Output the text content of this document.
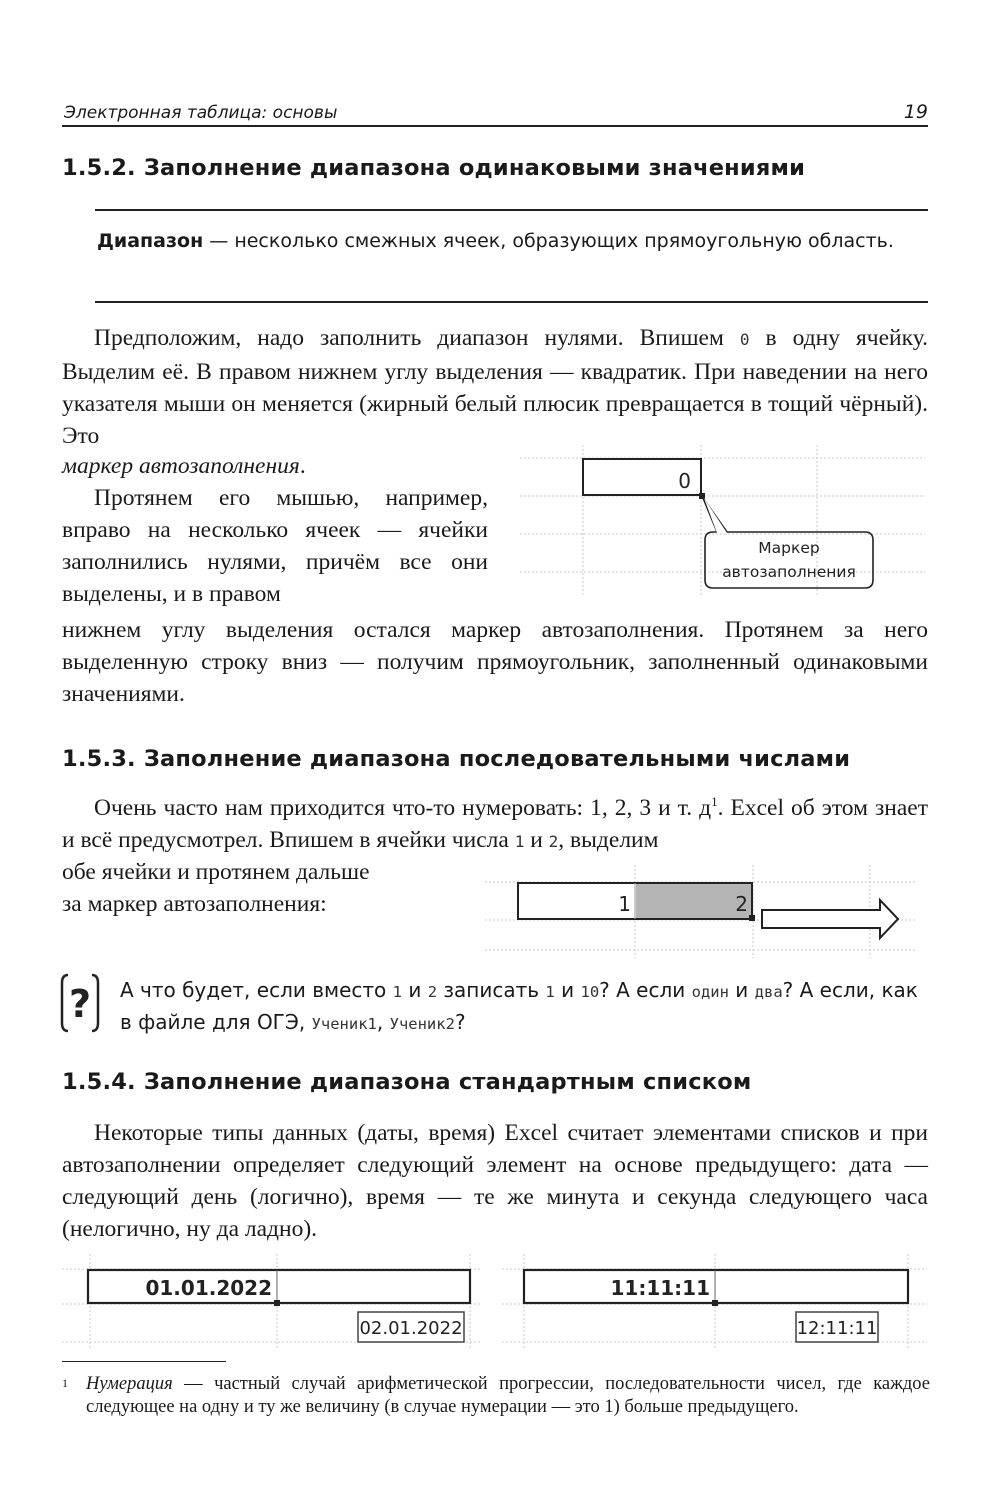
Электронная таблица: основы	19
1.5.2. Заполнение диапазона одинаковыми значениями
Диапазон — несколько смежных ячеек, образующих прямоугольную область.
Предположим, надо заполнить диапазон нулями. Впишем 0 в одну ячейку. Выделим её. В правом нижнем углу выделения — квадратик. При наведении на него указателя мыши он меняется (жирный белый плюсик превращается в тощий чёрный). Это
маркер автозаполнения.
Протянем его мышью, например, вправо на несколько ячеек — ячейки заполнились нулями, причём все они выделены, и в правом
нижнем углу выделения остался маркер автозаполнения. Протянем за него выделенную строку вниз — получим прямоугольник, заполненный одинаковыми значениями.
0
Маркер
автозаполнения
1.5.3. Заполнение диапазона последовательными числами
Очень часто нам приходится что-то нумеровать: 1, 2, 3 и т. $д^1$. Excel об этом знает и всё предусмотрел. Впишем в ячейки числа 1 и 2, выделим
обе ячейки и протянем дальше
за маркер автозаполнения:	1	2
? А что будет, если вместо 1 и 2 записать 1 и 10? А если один и два? А если, как в файле для ОГЭ, Ученик1, Ученик2?
1.5.4. Заполнение диапазона стандартным списком
Некоторые типы данных (даты, время) Excel считает элементами списков и при автозаполнении определяет следующий элемент на основе предыдущего: дата — следующий день (логично), время — те же минута и секунда следующего часа (нелогично, ну да ладно).
01.01.2022
02.01.2022
11:11:11
12:11:11
1 Нумерация — частный случай арифметической прогрессии, последовательности чисел, где каждое следующее на одну и ту же величину (в случае нумерации — это 1) больше предыдущего.
